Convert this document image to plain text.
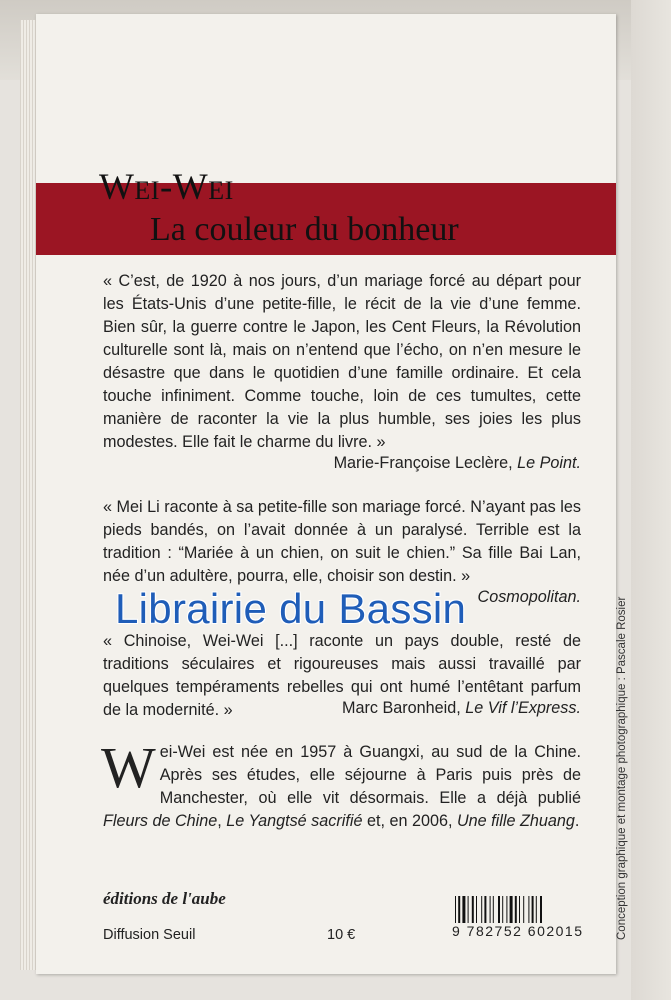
Wei-Wei
La couleur du bonheur

« C’est, de 1920 à nos jours, d’un mariage forcé au départ pour les États-Unis d’une petite-fille, le récit de la vie d’une femme. Bien sûr, la guerre contre le Japon, les Cent Fleurs, la Révolution culturelle sont là, mais on n’entend que l’écho, on n’en mesure le désastre que dans le quotidien d’une famille ordinaire. Et cela touche infiniment. Comme touche, loin de ces tumultes, cette manière de raconter la vie la plus humble, ses joies les plus modestes. Elle fait le charme du livre. »

Marie-Françoise Leclère, Le Point.

« Mei Li raconte à sa petite-fille son mariage forcé. N’ayant pas les pieds bandés, on l’avait donnée à un paralysé. Terrible est la tradition : “Mariée à un chien, on suit le chien.” Sa fille Bai Lan, née d’un adultère, pourra, elle, choisir son destin. »

Cosmopolitan.

« Chinoise, Wei-Wei [...] raconte un pays double, resté de traditions séculaires et rigoureuses mais aussi travaillé par quelques tempéraments rebelles qui ont humé l’entêtant parfum de la modernité. »	Marc Baronheid, Le Vif l’Express.

Wei-Wei est née en 1957 à Guangxi, au sud de la Chine. Après ses études, elle séjourne à Paris puis près de Manchester, où elle vit désormais. Elle a déjà publié Fleurs de Chine, Le Yangtsé sacrifié et, en 2006, Une fille Zhuang.

Librairie du Bassin
éditions de l'aube
Diffusion Seuil	10 €	9 782752 602015	Conception graphique et montage photographique : Pascale Rosier
